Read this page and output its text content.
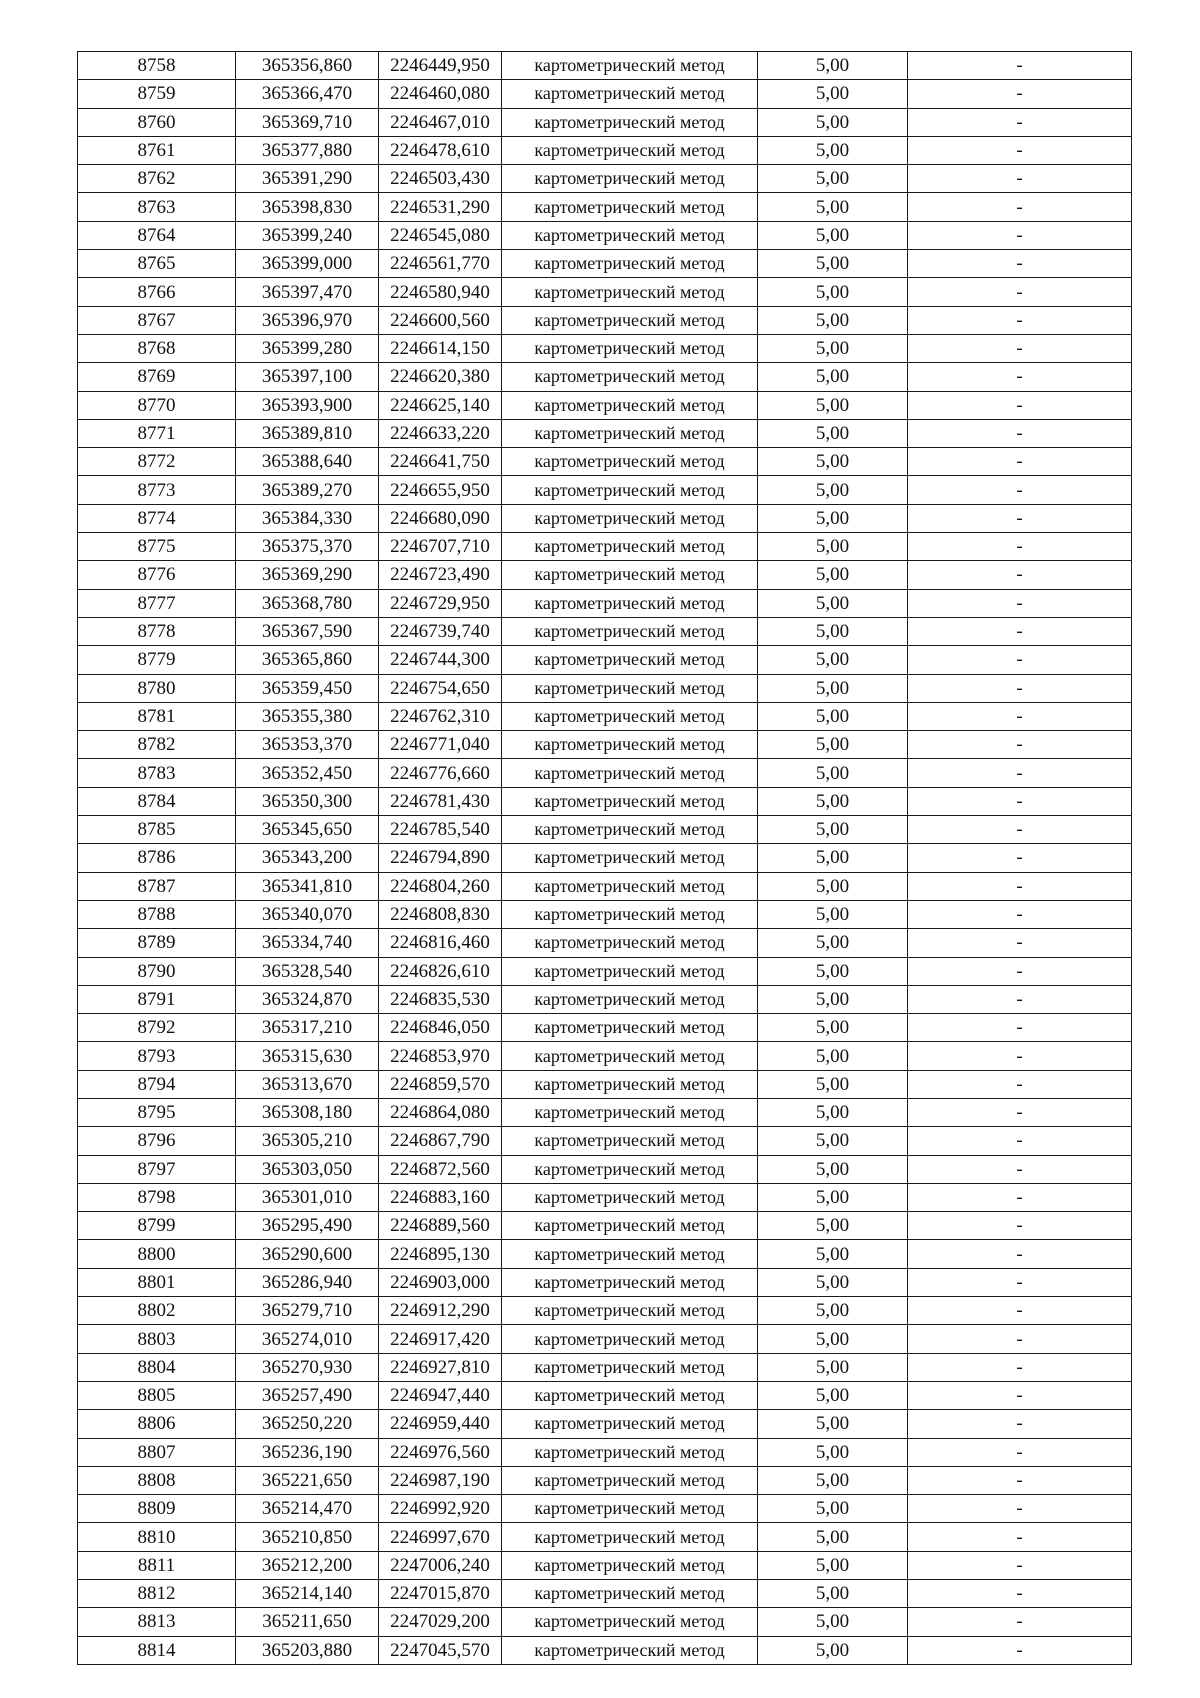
8758	365356,860	2246449,950	картометрический метод	5,00	-
8759	365366,470	2246460,080	картометрический метод	5,00	-
8760	365369,710	2246467,010	картометрический метод	5,00	-
8761	365377,880	2246478,610	картометрический метод	5,00	-
8762	365391,290	2246503,430	картометрический метод	5,00	-
8763	365398,830	2246531,290	картометрический метод	5,00	-
8764	365399,240	2246545,080	картометрический метод	5,00	-
8765	365399,000	2246561,770	картометрический метод	5,00	-
8766	365397,470	2246580,940	картометрический метод	5,00	-
8767	365396,970	2246600,560	картометрический метод	5,00	-
8768	365399,280	2246614,150	картометрический метод	5,00	-
8769	365397,100	2246620,380	картометрический метод	5,00	-
8770	365393,900	2246625,140	картометрический метод	5,00	-
8771	365389,810	2246633,220	картометрический метод	5,00	-
8772	365388,640	2246641,750	картометрический метод	5,00	-
8773	365389,270	2246655,950	картометрический метод	5,00	-
8774	365384,330	2246680,090	картометрический метод	5,00	-
8775	365375,370	2246707,710	картометрический метод	5,00	-
8776	365369,290	2246723,490	картометрический метод	5,00	-
8777	365368,780	2246729,950	картометрический метод	5,00	-
8778	365367,590	2246739,740	картометрический метод	5,00	-
8779	365365,860	2246744,300	картометрический метод	5,00	-
8780	365359,450	2246754,650	картометрический метод	5,00	-
8781	365355,380	2246762,310	картометрический метод	5,00	-
8782	365353,370	2246771,040	картометрический метод	5,00	-
8783	365352,450	2246776,660	картометрический метод	5,00	-
8784	365350,300	2246781,430	картометрический метод	5,00	-
8785	365345,650	2246785,540	картометрический метод	5,00	-
8786	365343,200	2246794,890	картометрический метод	5,00	-
8787	365341,810	2246804,260	картометрический метод	5,00	-
8788	365340,070	2246808,830	картометрический метод	5,00	-
8789	365334,740	2246816,460	картометрический метод	5,00	-
8790	365328,540	2246826,610	картометрический метод	5,00	-
8791	365324,870	2246835,530	картометрический метод	5,00	-
8792	365317,210	2246846,050	картометрический метод	5,00	-
8793	365315,630	2246853,970	картометрический метод	5,00	-
8794	365313,670	2246859,570	картометрический метод	5,00	-
8795	365308,180	2246864,080	картометрический метод	5,00	-
8796	365305,210	2246867,790	картометрический метод	5,00	-
8797	365303,050	2246872,560	картометрический метод	5,00	-
8798	365301,010	2246883,160	картометрический метод	5,00	-
8799	365295,490	2246889,560	картометрический метод	5,00	-
8800	365290,600	2246895,130	картометрический метод	5,00	-
8801	365286,940	2246903,000	картометрический метод	5,00	-
8802	365279,710	2246912,290	картометрический метод	5,00	-
8803	365274,010	2246917,420	картометрический метод	5,00	-
8804	365270,930	2246927,810	картометрический метод	5,00	-
8805	365257,490	2246947,440	картометрический метод	5,00	-
8806	365250,220	2246959,440	картометрический метод	5,00	-
8807	365236,190	2246976,560	картометрический метод	5,00	-
8808	365221,650	2246987,190	картометрический метод	5,00	-
8809	365214,470	2246992,920	картометрический метод	5,00	-
8810	365210,850	2246997,670	картометрический метод	5,00	-
8811	365212,200	2247006,240	картометрический метод	5,00	-
8812	365214,140	2247015,870	картометрический метод	5,00	-
8813	365211,650	2247029,200	картометрический метод	5,00	-
8814	365203,880	2247045,570	картометрический метод	5,00	-
